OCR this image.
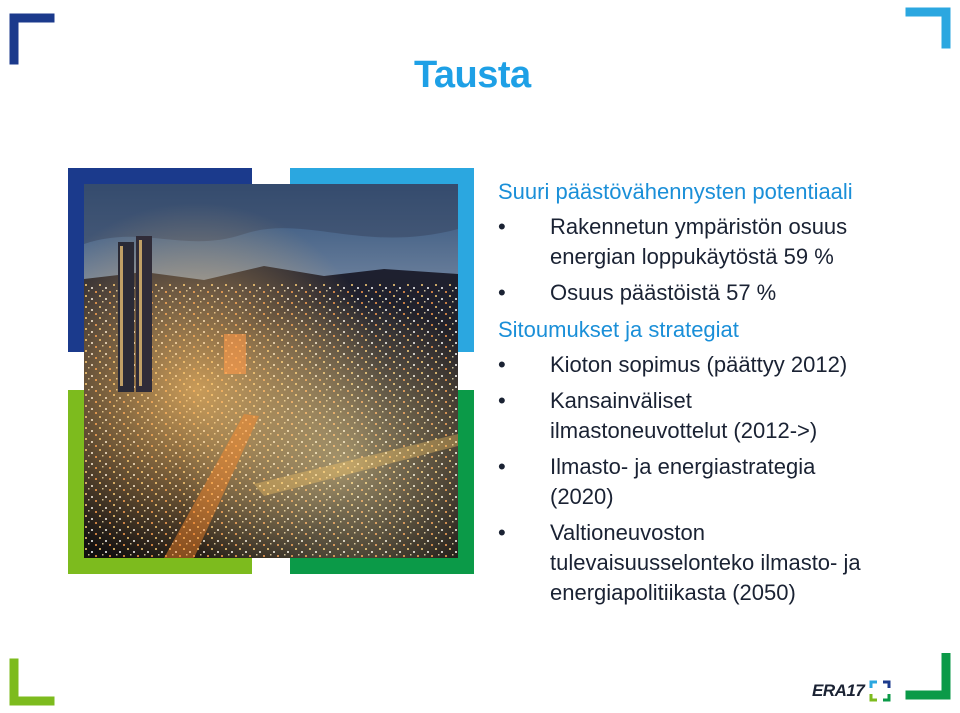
Tausta

Suuri päästövähennysten potentiaali

• Rakennetun ympäristön osuus
energian loppukäytöstä 59 %
• Osuus päästöistä 57 %

Sitoumukset ja strategiat

• Kioton sopimus (päättyy 2012)
• Kansainväliset
ilmastoneuvottelut (2012->)
• Ilmasto- ja energiastrategia
(2020)
• Valtioneuvoston
tulevaisuusselonteko ilmasto- ja
energiapolitiikasta (2050)
ERA17
